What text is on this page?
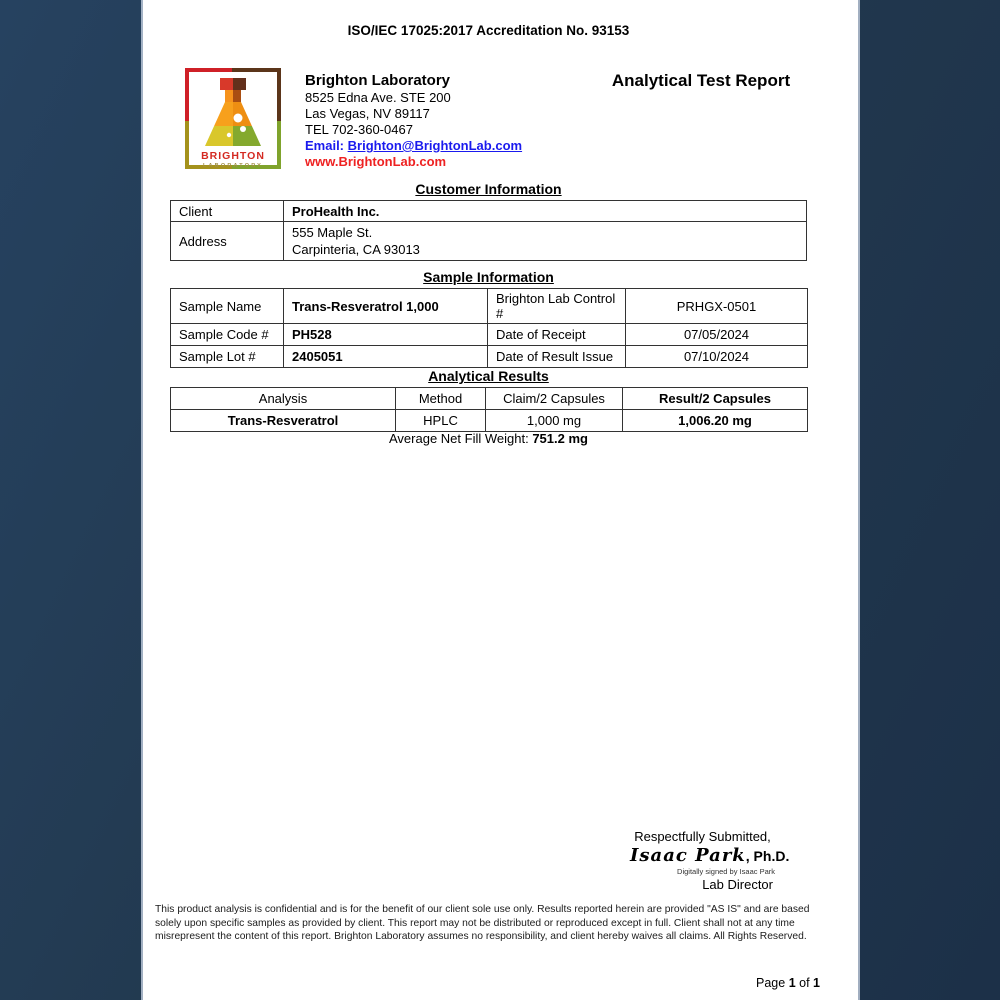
ISO/IEC 17025:2017 Accreditation No. 93153
BRIGHTON
LABORATORY
Brighton Laboratory
8525 Edna Ave. STE 200
Las Vegas, NV 89117
TEL 702-360-0467
Email: Brighton@BrightonLab.com
www.BrightonLab.com
Analytical Test Report
Customer Information
Client	ProHealth Inc.
Address	555 Maple St.
Carpinteria, CA 93013
Sample Information
Sample Name	Trans-Resveratrol 1,000	Brighton Lab Control #	PRHGX-0501
Sample Code #	PH528	Date of Receipt	07/05/2024
Sample Lot #	2405051	Date of Result Issue	07/10/2024
Analytical Results
Analysis	Method	Claim/2 Capsules	Result/2 Capsules
Trans-Resveratrol	HPLC	1,000 mg	1,006.20 mg
Average Net Fill Weight: 751.2 mg
Respectfully Submitted,
Isaac Park, Ph.D.
Digitally signed by Isaac Park
Lab Director
This product analysis is confidential and is for the benefit of our client sole use only. Results reported herein are provided "AS IS" and are based solely upon specific samples as provided by client. This report may not be distributed or reproduced except in full. Client shall not at any time misrepresent the content of this report. Brighton Laboratory assumes no responsibility, and client hereby waives all claims. All Rights Reserved.
Page 1 of 1
